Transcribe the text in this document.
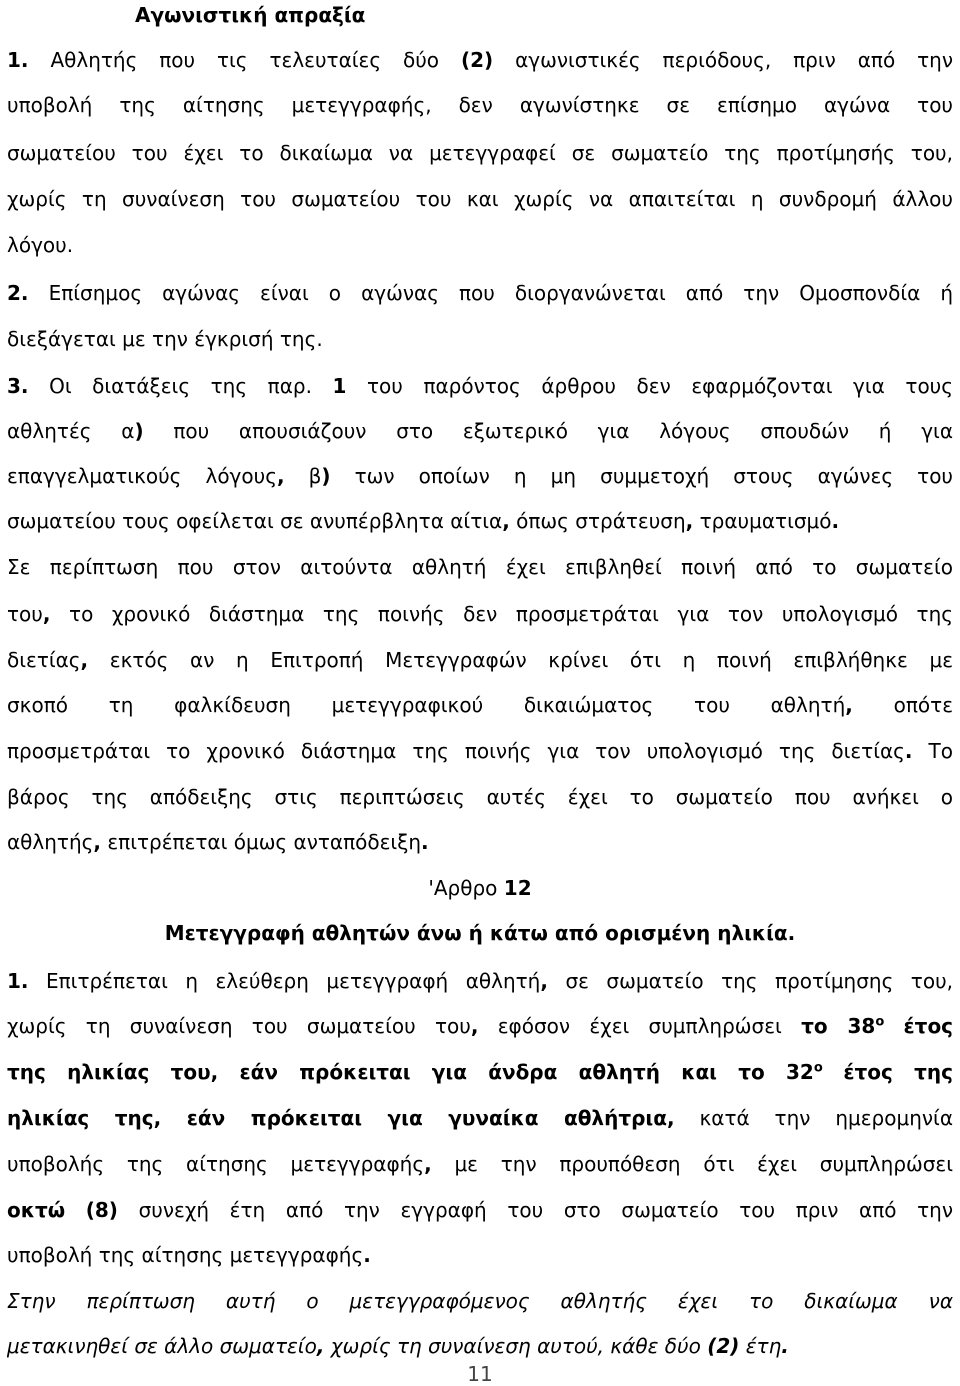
Αγωνιστική απραξία
1. Αθλητής που τις τελευταίες δύο (2) αγωνιστικές περιόδους, πριν από την
υποβολή της αίτησης μετεγγραφής, δεν αγωνίστηκε σε επίσημο αγώνα του
σωματείου του έχει το δικαίωμα να μετεγγραφεί σε σωματείο της προτίμησής του,
χωρίς τη συναίνεση του σωματείου του και χωρίς να απαιτείται η συνδρομή άλλου
λόγου.
2. Επίσημος αγώνας είναι ο αγώνας που διοργανώνεται από την Ομοσπονδία ή
διεξάγεται με την έγκρισή της.
3. Οι διατάξεις της παρ. 1 του παρόντος άρθρου δεν εφαρμόζονται για τους
αθλητές α) που απουσιάζουν στο εξωτερικό για λόγους σπουδών ή για
επαγγελματικούς λόγους, β) των οποίων η μη συμμετοχή στους αγώνες του
σωματείου τους οφείλεται σε ανυπέρβλητα αίτια, όπως στράτευση, τραυματισμό.
Σε περίπτωση που στον αιτούντα αθλητή έχει επιβληθεί ποινή από το σωματείο
του, το χρονικό διάστημα της ποινής δεν προσμετράται για τον υπολογισμό της
διετίας, εκτός αν η Επιτροπή Μετεγγραφών κρίνει ότι η ποινή επιβλήθηκε με
σκοπό τη φαλκίδευση μετεγγραφικού δικαιώματος του αθλητή, οπότε
προσμετράται το χρονικό διάστημα της ποινής για τον υπολογισμό της διετίας. Το
βάρος της απόδειξης στις περιπτώσεις αυτές έχει το σωματείο που ανήκει ο
αθλητής, επιτρέπεται όμως ανταπόδειξη.
'Αρθρο 12
Μετεγγραφή αθλητών άνω ή κάτω από ορισμένη ηλικία.
1. Επιτρέπεται η ελεύθερη μετεγγραφή αθλητή, σε σωματείο της προτίμησης του,
χωρίς τη συναίνεση του σωματείου του, εφόσον έχει συμπληρώσει το $38^o$ έτος
της ηλικίας του, εάν πρόκειται για άνδρα αθλητή και το $32^o$ έτος της
ηλικίας της, εάν πρόκειται για γυναίκα αθλήτρια, κατά την ημερομηνία
υποβολής της αίτησης μετεγγραφής, με την προυπόθεση ότι έχει συμπληρώσει
οκτώ (8) συνεχή έτη από την εγγραφή του στο σωματείο του πριν από την
υποβολή της αίτησης μετεγγραφής.
Στην περίπτωση αυτή ο μετεγγραφόμενος αθλητής έχει το δικαίωμα να
μετακινηθεί σε άλλο σωματείο, χωρίς τη συναίνεση αυτού, κάθε δύο (2) έτη.
11
